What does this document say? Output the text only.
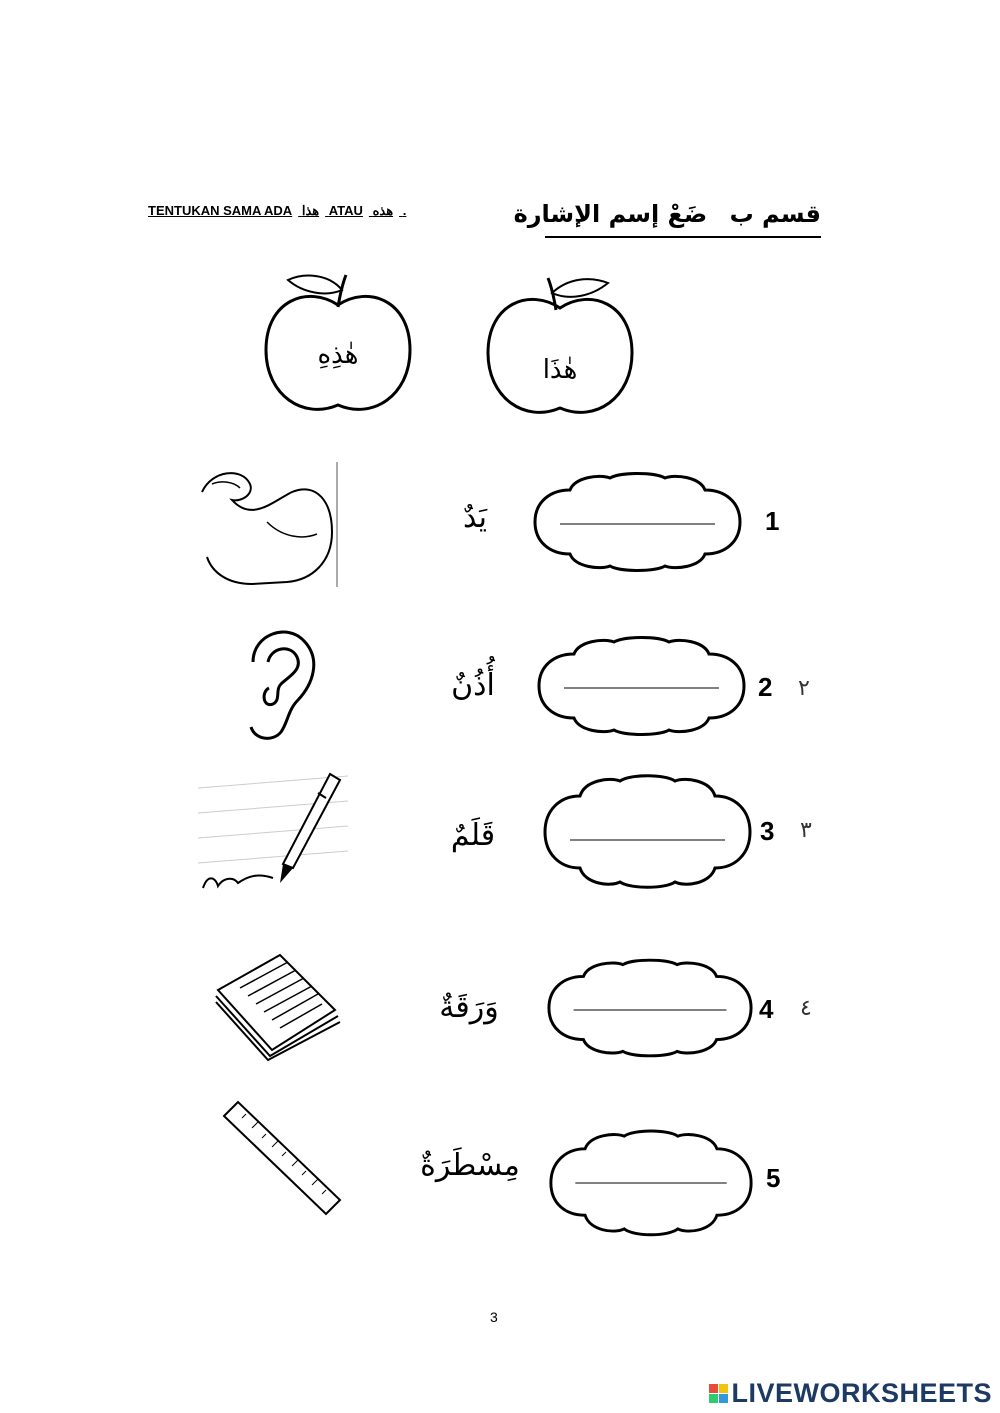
TENTUKAN SAMA ADA هذا ATAU هذه .	قسم ب ضَعْ إسم الإشارة
هٰذِهِ	هٰذَا
يَدٌ	1
أُذُنٌ	2 ٢
قَلَمٌ	3 ٣
وَرَقَةٌ	4 ٤
مِسْطَرَةٌ	5
3
LIVEWORKSHEETS
